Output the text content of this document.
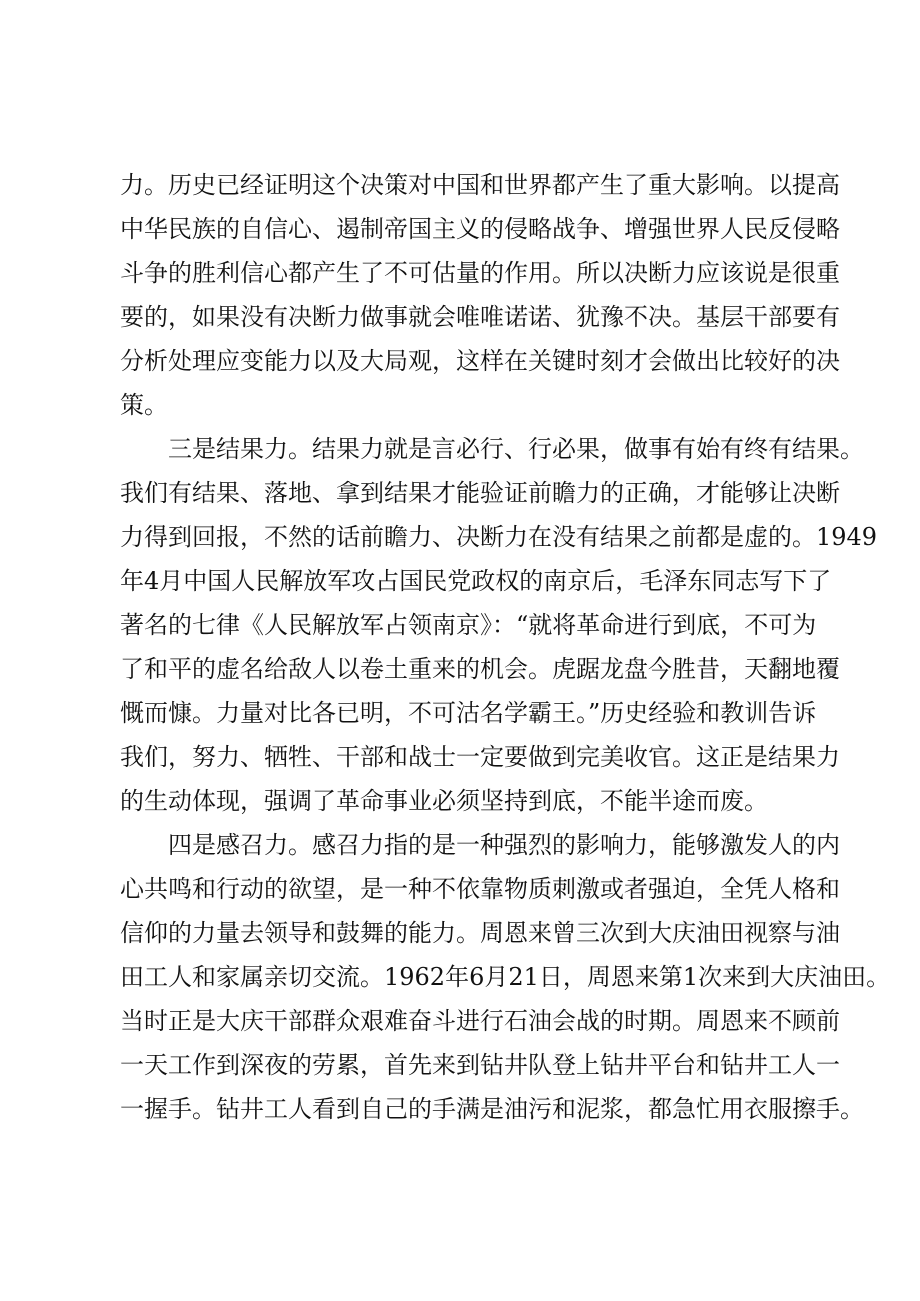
力。历史已经证明这个决策对中国和世界都产生了重大影响。以提高
中华民族的自信心、遏制帝国主义的侵略战争、增强世界人民反侵略
斗争的胜利信心都产生了不可估量的作用。所以决断力应该说是很重
要的，如果没有决断力做事就会唯唯诺诺、犹豫不决。基层干部要有
分析处理应变能力以及大局观，这样在关键时刻才会做出比较好的决
策。
三是结果力。结果力就是言必行、行必果，做事有始有终有结果。
我们有结果、落地、拿到结果才能验证前瞻力的正确，才能够让决断
力得到回报，不然的话前瞻力、决断力在没有结果之前都是虚的。1949
年4月中国人民解放军攻占国民党政权的南京后，毛泽东同志写下了
著名的七律《人民解放军占领南京》：“就将革命进行到底，不可为
了和平的虚名给敌人以卷土重来的机会。虎踞龙盘今胜昔，天翻地覆
慨而慷。力量对比各已明，不可沽名学霸王。”历史经验和教训告诉
我们，努力、牺牲、干部和战士一定要做到完美收官。这正是结果力
的生动体现，强调了革命事业必须坚持到底，不能半途而废。
四是感召力。感召力指的是一种强烈的影响力，能够激发人的内
心共鸣和行动的欲望，是一种不依靠物质刺激或者强迫，全凭人格和
信仰的力量去领导和鼓舞的能力。周恩来曾三次到大庆油田视察与油
田工人和家属亲切交流。1962年6月21日，周恩来第1次来到大庆油田。
当时正是大庆干部群众艰难奋斗进行石油会战的时期。周恩来不顾前
一天工作到深夜的劳累，首先来到钻井队登上钻井平台和钻井工人一
一握手。钻井工人看到自己的手满是油污和泥浆，都急忙用衣服擦手。
